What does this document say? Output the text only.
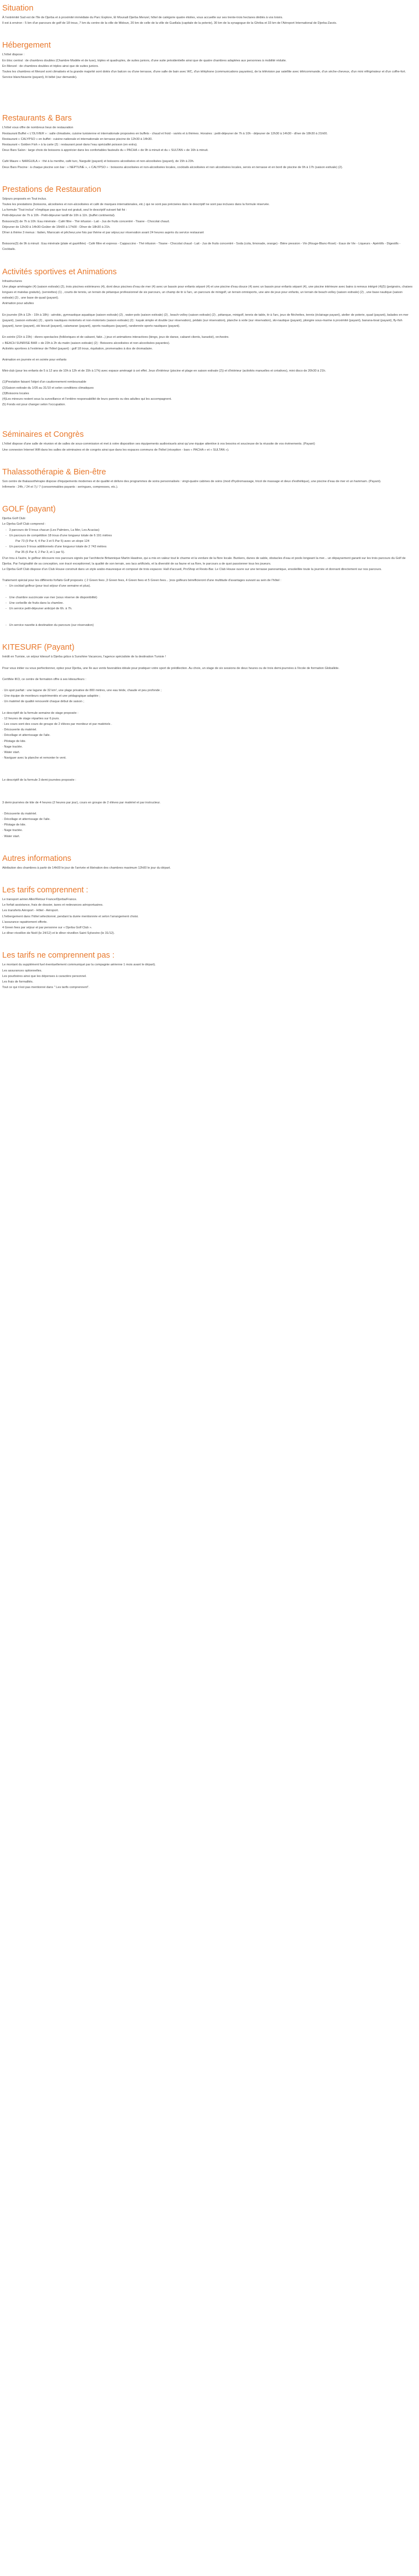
Situation

À l'extrémité Sud est de l'île de Djerba et à proximité immédiate du Parc Explore, El Mouradi Djerba Menzel, hôtel de catégorie quatre étoiles, vous accueille sur ses trente-trois hectares dédiés à vos loisirs.

Il est à environ : 5 km d'un parcours de golf de 18 trous, 7 km du centre de la ville de Midoun, 20 km de celle de la ville de Guellala (capitale de la poterie), 30 km de la synagogue de la Ghriba et 33 km de l'Aéroport International de Djerba-Zarzis.

Hébergement

L'hôtel dispose :

En bloc central : de chambres doubles (Chambre Modèle et de luxe), triples et quadruples, de suites juniors, d'une suite présidentielle ainsi que de quatre chambres adaptées aux personnes à mobilité réduite.

En Menzel : de chambres doubles et triples ainsi que de suites juniors.

Toutes les chambres et Menzel sont climatisés et la grande majorité sont dotés d'un balcon ou d'une terrasse, d'une salle de bain avec WC, d'un téléphone (communications payantes), de la télévision par satellite avec télécommande, d'un sèche-cheveux, d'un mini réfrigérateur et d'un coffre-fort. Service blanchisserie (payant), lit bébé (sur demande).

Restaurants & Bars

L'hôtel vous offre de nombreux lieux de restauration

Restaurant Buffet « L'OLIVIER » : salle climatisée, cuisine tunisienne et internationale proposées en buffets - chaud et froid - variés et à thèmes. Horaires : petit-déjeuner de 7h à 10h - déjeuner de 12h30 à 14h30 - dîner de 18h30 à 21h00.

Restaurant « CALYPSO » en buffet : cuisine nationale et internationale en terrasse piscine de 12h30 à 14h30.

Restaurant « Golden Fish » à la carte (2) : restaurant posé dans l'eau spécialité poisson (en extra).

Deux Bars Salon : large choix de boissons à apprécier dans les confortables fauteuils du « PACHA » de 9h à minuit et du « SULTAN » de 16h à minuit.

Café Maure « NARGUILA » : thé à la menthe, café turc, Narguilé (payant) et boissons alcoolisées et non-alcoolisées (payant), de 15h à 23h.

Deux Bars Piscine : à chaque piscine son bar : « NEPTUNE », « CALYPSO » : boissons alcoolisées et non-alcoolisées locales, cocktails alcoolisées et non alcoolisées locales, servis en terrasse et en bord de piscine de 9h à 17h (saison estivale) (2).

Prestations de Restauration

Séjours proposés en Tout inclus.

Toutes les prestations (boissons, alcoolisées et non-alcoolisées et café de marques internationales, etc.) qui ne sont pas précisées dans le descriptif ne sont pas incluses dans la formule réservée.

La formule "Tout inclus" n'implique pas que tout est gratuit, seul le descriptif suivant fait foi :

Petit-déjeuner de 7h à 10h - Petit-déjeuner tardif de 10h à 11h. (buffet continental).

Boissons(3) de 7h à 10h: Eau minérale - Café filtre - Thé infusion - Lait - Jus de fruits concentré - Tisane - Chocolat chaud.

Déjeuner de 12h30 à 14h30-Goûter de 15h00 à 17h00 - Dîner de 18h30 à 21h.

Dîner à thème 3 menus : Italien, Marocain et pêcheur,une fois par thème et par séjour,sur réservation avant 24 heures auprès du service restaurant

Boissons(3) de 9h à minuit : Eau minérale (plate et gazéifiée) - Café filtre et express - Cappuccino - Thé infusion - Tisane - Chocolat chaud - Lait - Jus de fruits concentré - Soda (cola, limonade, orange) - Bière pression - Vin (Rouge-Blanc-Rosé) - Eaux de Vie - Liqueurs - Apéritifs - Digestifs - Cocktails.

Activités sportives et Animations

Infrastructures

Une plage aménagée (4) (saison estivale) (2), trois piscines extérieures (4), dont deux piscines d'eau de mer (4) avec un bassin pour enfants séparé (4) et une piscine d'eau douce (4) avec un bassin pour enfants séparé (4), une piscine intérieure avec bains à remous intégré (4)(5) (peignoirs, chaises longues et matelas gratuits), (serviettes) (1) , courts de tennis, un terrain de pétanque professionnel de six parcours, un champ de tir à l'arc, un parcours de minigolf, un terrain omnisports, une aire de jeux pour enfants, un terrain de beach-volley (saison estivale) (2) , une base nautique (saison estivale) (2) , une base de quad (payant).

Animation pour adultes

En journée (9h à 12h - 15h à 18h) : aérobic, gymnastique aquatique (saison estivale) (2) , water-polo (saison estivale) (2) , beach-volley (saison estivale) (2) , pétanque, minigolf, tennis de table, tir à l'arc, jeux de fléchettes, tennis (éclairage payant), atelier de poterie, quad (payant), balades en mer (payant), (saison estivale) (2) , sports nautiques motorisés et non-motorisés (saison estivale) (2) : kayak simple et double (sur réservation), pédalo (sur réservation), planche à voile (sur réservation), ski-nautique (payant), plongée sous-marine à proximité (payant), banana-boat (payant), fly-fish (payant), tuner (payant), ski biscuit (payant), catamaran (payant), sports nautiques (payant), randonnée sports nautiques (payant).

En soirée (21h à 23h) : divers spectacles (folkloriques et de cabaret, fakir...) jeux et animations interactives (bingo, jeux de danse, cabaret clients, karaoké), orchestre.

« BEACH SUNRISE BAR » de 23h à 2h du matin (saison estivale) (2) : Boissons alcoolisées et non-alcoolisées payantes).

Activités sportives à l'extérieur de l'hôtel (payant) : golf 18 trous, équitation, promenades à dos de dromadaire.

Animation en journée et en soirée pour enfants

Mini-club (pour les enfants de 5 à 12 ans de 10h à 12h et de 15h à 17h) avec espace aménagé à cet effet. Jeux d'intérieur (piscine et plage en saison estivale (2)) et d'intérieur (activités manuelles et créatives), mini disco de 20h30 à 21h.

(1)Prestation faisant l'objet d'un cautionnement remboursable

(2)Saison estivale du 1/05 au 31/10 et selon conditions climatiques

(3)Boissons locales

(4)Les mineurs restent sous la surveillance et l'entière responsabilité de leurs parents ou des adultes qui les accompagnent.

(5) Fonds est pour changer selon l'occupation.

Séminaires et Congrès

L'hôtel dispose d'une salle de réunion et de salles de sous-commission et met à votre disposition ses équipements audiovisuels ainsi qu'une équipe attentive à vos besoins et soucieuse de la réussite de vos événements. (Payant)

Une connexion Internet Wifi dans les salles de séminaires et de congrès ainsi que dans les espaces communs de l'hôtel (réception - bars « PACHA » et « SULTAN »).

Thalassothérapie & Bien-être

Son centre de thalassothérapie dispose d'équipements modernes et de qualité et délivre des programmes de soins personnalisés : vingt-quatre cabines de soins (mod d'hydromassage, tricot de massage et deux d'esthétique), une piscine d'eau de mer et un hammam. (Payant).

Infirmerie : 24h, / 24 et 7j / 7 (consommables payants : seringues, compresses, etc.).

GOLF (payant)

Djerba Golf Club:

Le Djerba Golf Club comprend :

-   3 parcours de 9 trous chacun (Les Palmiers, La Mer, Les Acacias)
-   Un parcours de compétition 18 trous d'une longueur totale de 6 191 mètres
Par 73 (9 Par 4, 4 Par 3 et 5 Par 5) avec un slope 124
-   Un parcours 9 trous additionnels d'une longueur totale de 2 743 mètres
Par 35 (6 Par 4, 2 Par 3, et 1 par 5).

D'un trou à l'autre, le golfeur découvre nos parcours signés par l'architecte Britannique Martin Hawtree, qui a mis en valeur tout le charme et la verdure de la flore locale. Bunkers, dunes de sable, obstacles d'eau et pools longeant la mer... un dépaysement garanti sur les trois parcours du Golf de Djerba. Par l'originalité de sa conception, son tracé exceptionnel, la qualité de son terrain, ses lacs artificiels, et la diversité de sa faune et sa flore, le parcours a de quoi passionner tous les joueurs.

Le Djerba Golf Club dispose d'un Club House construit dans un style arabo-mauresque et composé de trois espaces: Hall d'accueil, ProShop et Resto-Bar. Le Club House ouvre sur une terrasse panoramique, ensoleillée toute la journée et donnant directement sur nos parcours.

Traitement spécial pour les différents forfaits Golf proposés :( 2 Green fees ,3 Green fees, 4 Green fees et 5 Green fees... )nos golfeurs bénéficieront d'une multitude d'avantages suivant au sein de l'hôtel :

-   Un cocktail golfeur (pour tout séjour d'une semaine et plus).
-   Une chambre succincate vue mer (sous réserve de disponibilité)
-   Une corbeille de fruits dans la chambre.
-   Un service petit-déjeuner anticipé de 6h. à 7h.
-   Un service navette à destination du parcours (sur réservation)
KITESURF (Payant)

Inédit en Tunisie, un séjour kitesurf à Djerba grâce à Sunshine Vacances, l'agence spécialiste de la destination Tunisie !

Pour vous initier ou vous perfectionner, optez pour Djerba, une île aux vents favorables idéale pour pratiquer votre sport de prédilection. Au choix, un stage de six sessions de deux heures ou de trois demi-journées à l'école de formation Globalkite.

Certifiée IKO, ce centre de formation offre à ses kitesurfeurs :

· Un spot parfait : une lagune de 32 km², une plage privative de 800 mètres, une eau tiède, chaude et peu profonde ;

· Une équipe de moniteurs expérimentés et une pédagogique adaptée ;

· Un matériel de qualité renouvelé chaque début de saison ;

Le descriptif de la formule semaine de stage proposée :

· 12 heures de stage réparties sur 6 jours.

· Les cours sont des cours de groupe de 2 élèves par moniteur et par matériels .

· Découverte du matériel.

· Décollage et atterrissage de l'aile.

· Pilotage de kite.

· Nage tractée.

· Water start.

· Naviguer avec la planche et remonter le vent.

Le descriptif de la formule 3 demi-journées proposée :

3 demi-journées de kite de 4 heures (2 heures par jour), cours en groupe de 2 élèves par matériel et par instructeur.

· Découverte du matériel.

· Décollage et atterrissage de l'aile.

· Pilotage de kite.

· Nage tractée.

· Water start.

Autres informations

Attribution des chambres à partir de 14h00 le jour de l'arrivée et libération des chambres maximum 12h00 le jour du départ.

Les tarifs comprennent :

Le transport aérien Aller/Retour France/Djerba/France.

Le forfait assistance, frais de dossier, taxes et redevances aéroportuaires.

Les transferts Aéroport - Hôtel - Aéroport.

L'hébergement dans l'hôtel sélectionné, pendant la durée mentionnée et selon l'arrangement choisi.

L'assurance rapatriement offerte.

4 Green fees par séjour et par personne sur « Djerba Golf Club ».

Le dîner réveillon de Noël (le 24/12) et le dîner réveillon Saint Sylvestre (le 31/12).

Les tarifs ne comprennent pas :

Le montant du supplément fuel éventuellement communiqué par la compagnie aérienne 1 mois avant le départ).

Les assurances optionnelles.

Les pourboires ainsi que les dépenses à caractère personnel.

Les frais de formalités.

Tout ce qui n'est pas mentionné dans " Les tarifs comprennent".
